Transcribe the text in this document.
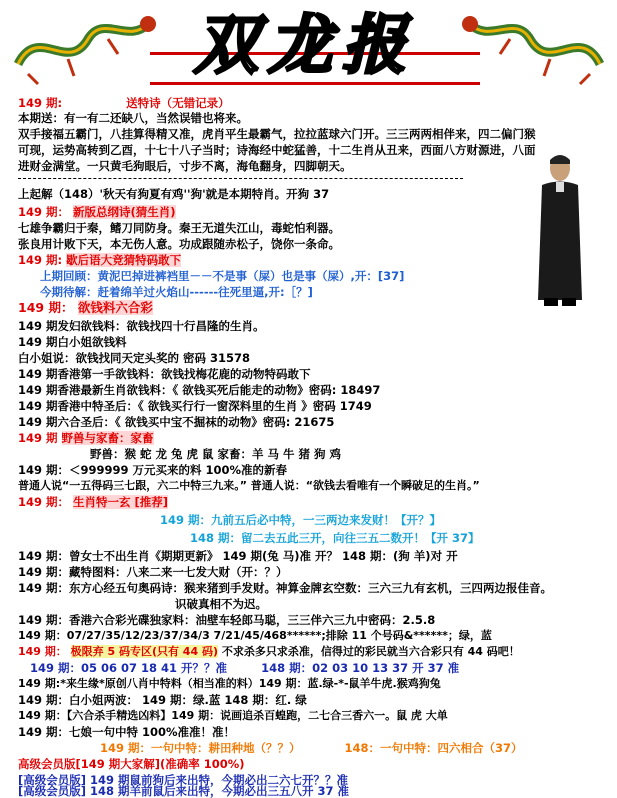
双龙报
149 期:	送特诗（无错记录）
本期送：有一有二还缺八，当然误错也将来。
双手接福五霸门，八挂算得精又准，虎肖平生最霸气，拉拉蓝球六门开。三三两两相伴来，四二偏门猴
可现，运势高转到乙酉，十七十八子当时；诗海经中蛇猛善，十二生肖从丑来，西面八方财源进，八面
进财金满堂。一只黄毛狗眼后，寸步不离，海龟翻身，四脚朝天。
上起解（148）'秋天有狗夏有鸡''狗'就是本期特肖。开狗 37
149 期： 新版总纲诗(猜生肖)
七雄争霸归于秦，鳍刀同防身。秦王无道失江山，毒蛇怕利器。
张良用计败下天，本无伤人意。功成跟随赤松子，饶你一条命。
149 期: 歇后语大竞猜特码敢下
上期回顾：黄泥巴掉进裤裆里－－不是事（屎）也是事（屎）,开：[37]
今期待解：赶着绵羊过火焰山------往死里逼,开:［？]
149 期： 欲钱料六合彩
149 期发妇欲钱料：欲钱找四十行昌隆的生肖。
149 期白小姐欲钱料
白小姐说：欲钱找同天定头奖的 密码 31578
149 期香港第一手欲钱料：欲钱找梅花鹿的动物特码敢下
149 期香港最新生肖欲钱料：《 欲钱买死后能走的动物》密码: 18497
149 期香港中特圣后：《 欲钱买行行一窗深料里的生肖 》密码 1749
149 期六合圣后：《 欲钱买中宝不掘袜的动物》密码: 21675
149 期 野兽与家畜：家畜
野兽：猴 蛇 龙 兔 虎 鼠 家畜：羊 马 牛 猪 狗 鸡
149 期：＜999999 万元买来的料 100%准的新春
普通人说“一五得码三七跟，六二中特三九来。” 普通人说：“欲钱去看唯有一个瞬破足的生肖。”
149 期： 生肖特一玄 [推荐]
149 期：九前五后必中特，一三两边来发财！【开？】
148 期：留二去五此三开，向往三五二数开！【开 37】
149 期：曾女士不出生肖《期期更新》 149 期(兔 马)准 开？ 148 期：(狗 羊)对 开
149 期：藏特图料：八来二来一七发大财（开：？）
149 期：东方心经五句奥码诗：猴来猪到手发财。神算金牌玄空数：三六三九有玄机，三四两边报佳音。
识破真相不为迟。
149 期：香港六合彩光碟独家料：油壁车轻郎马聪，三三伴六三九中密码：2.5.8
149 期：07/27/35/12/23/37/34/3 7/21/45/468******;排除 11 个号码&******；绿，蓝
149 期： 极限弃 5 码专区(只有 44 码) 不求杀多只求杀准，信得过的彩民就当六合彩只有 44 码吧！
149 期：05 06 07 18 41 开？？准	148 期：02 03 10 13 37 开 37 准
149 期:*来生缘*原创八肖中特料（相当准的料）149 期：蓝.绿-*-鼠羊牛虎.猴鸡狗兔
149 期：白小姐两波： 149 期：绿.蓝 148 期：红. 绿
149 期：【六合杀手精选凶料】149 期：说画追杀百蝗跑，二七合三香六一。鼠 虎 大单
149 期：七娘一句中特 100%准准！准！
149 期：一句中特：耕田种地（？？）	148：一句中特：四六相合（37）
高级会员版[149 期大家解](准确率 100%)
[高级会员版] 149 期鼠前狗后来出特，今期必出二六七开？？准
[高级会员版] 148 期羊前鼠后来出特，今期必出三五八开 37 准
